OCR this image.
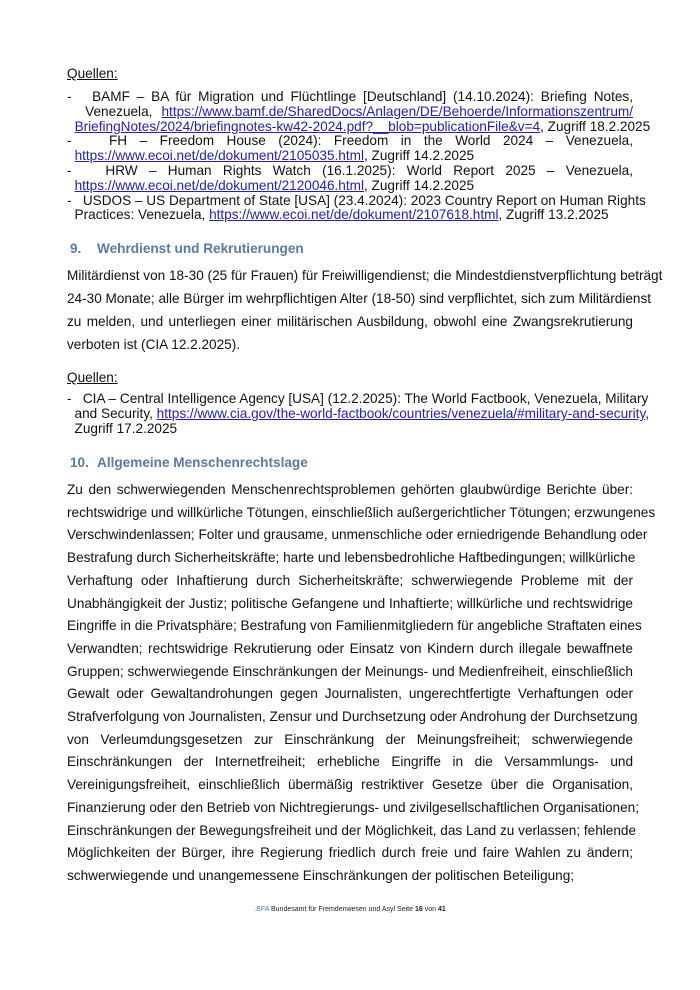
Quellen:
-   BAMF – BA für Migration und Flüchtlinge [Deutschland] (14.10.2024): Briefing Notes,
Venezuela, https://www.bamf.de/SharedDocs/Anlagen/DE/Behoerde/Informationszentrum/
BriefingNotes/2024/briefingnotes-kw42-2024.pdf?__blob=publicationFile&v=4, Zugriff 18.2.2025
-   FH – Freedom House (2024): Freedom in the World 2024 – Venezuela,
https://www.ecoi.net/de/dokument/2105035.html, Zugriff 14.2.2025
-   HRW – Human Rights Watch (16.1.2025): World Report 2025 – Venezuela,
https://www.ecoi.net/de/dokument/2120046.html, Zugriff 14.2.2025
-   USDOS – US Department of State [USA] (23.4.2024): 2023 Country Report on Human Rights
Practices: Venezuela, https://www.ecoi.net/de/dokument/2107618.html, Zugriff 13.2.2025
9. Wehrdienst und Rekrutierungen
Militärdienst von 18-30 (25 für Frauen) für Freiwilligendienst; die Mindestdienstverpflichtung beträgt
24-30 Monate; alle Bürger im wehrpflichtigen Alter (18-50) sind verpflichtet, sich zum Militärdienst
zu melden, und unterliegen einer militärischen Ausbildung, obwohl eine Zwangsrekrutierung
verboten ist (CIA 12.2.2025).
Quellen:
-   CIA – Central Intelligence Agency [USA] (12.2.2025): The World Factbook, Venezuela, Military
and Security, https://www.cia.gov/the-world-factbook/countries/venezuela/#military-and-security,
Zugriff 17.2.2025
10. Allgemeine Menschenrechtslage
Zu den schwerwiegenden Menschenrechtsproblemen gehörten glaubwürdige Berichte über:
rechtswidrige und willkürliche Tötungen, einschließlich außergerichtlicher Tötungen; erzwungenes
Verschwindenlassen; Folter und grausame, unmenschliche oder erniedrigende Behandlung oder
Bestrafung durch Sicherheitskräfte; harte und lebensbedrohliche Haftbedingungen; willkürliche
Verhaftung oder Inhaftierung durch Sicherheitskräfte; schwerwiegende Probleme mit der
Unabhängigkeit der Justiz; politische Gefangene und Inhaftierte; willkürliche und rechtswidrige
Eingriffe in die Privatsphäre; Bestrafung von Familienmitgliedern für angebliche Straftaten eines
Verwandten; rechtswidrige Rekrutierung oder Einsatz von Kindern durch illegale bewaffnete
Gruppen; schwerwiegende Einschränkungen der Meinungs- und Medienfreiheit, einschließlich
Gewalt oder Gewaltandrohungen gegen Journalisten, ungerechtfertigte Verhaftungen oder
Strafverfolgung von Journalisten, Zensur und Durchsetzung oder Androhung der Durchsetzung
von Verleumdungsgesetzen zur Einschränkung der Meinungsfreiheit; schwerwiegende
Einschränkungen der Internetfreiheit; erhebliche Eingriffe in die Versammlungs- und
Vereinigungsfreiheit, einschließlich übermäßig restriktiver Gesetze über die Organisation,
Finanzierung oder den Betrieb von Nichtregierungs- und zivilgesellschaftlichen Organisationen;
Einschränkungen der Bewegungsfreiheit und der Möglichkeit, das Land zu verlassen; fehlende
Möglichkeiten der Bürger, ihre Regierung friedlich durch freie und faire Wahlen zu ändern;
schwerwiegende und unangemessene Einschränkungen der politischen Beteiligung;
.BFA Bundesamt für Fremdenwesen und Asyl Seite 16 von 41
